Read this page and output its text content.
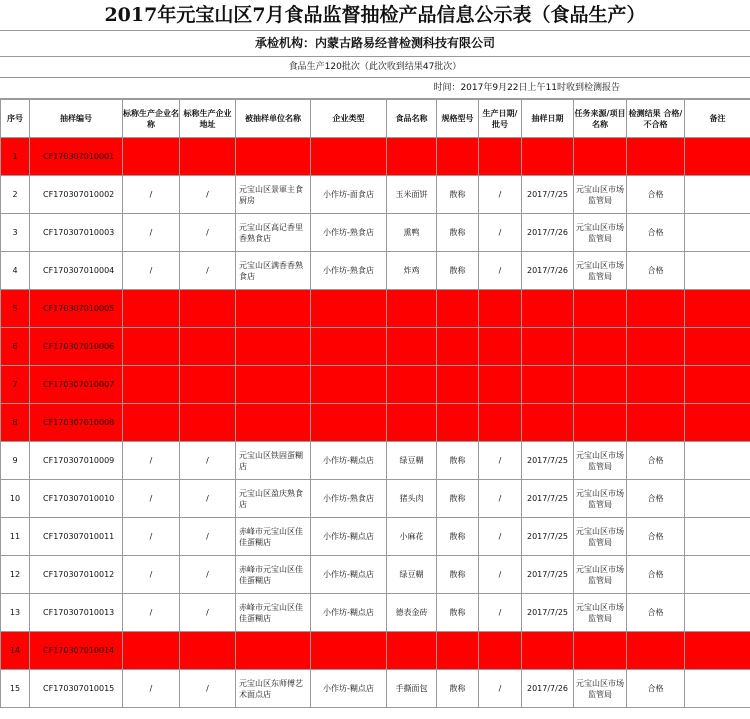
2017年元宝山区7月食品监督抽检产品信息公示表（食品生产）
承检机构：内蒙古路易经普检测科技有限公司
食品生产120批次（此次收到结果47批次）
时间：2017年9月22日上午11时收到检测报告
序号	抽样编号	标称生产企业名称	标称生产企业地址	被抽样单位名称	企业类型	食品名称	规格型号	生产日期/批号	抽样日期	任务来源/项目名称	检测结果 合格/不合格	备注
1	CF170307010001											
2	CF170307010002	/	/	元宝山区景軍主食厨房	小作坊-面食店	玉米面饼	散称	/	2017/7/25	元宝山区市场监管局	合格	
3	CF170307010003	/	/	元宝山区高记香里香熟食店	小作坊-熟食店	熏鸭	散称	/	2017/7/26	元宝山区市场监管局	合格	
4	CF170307010004	/	/	元宝山区满香香熟食店	小作坊-熟食店	炸鸡	散称	/	2017/7/26	元宝山区市场监管局	合格	
5	CF170307010005											
6	CF170307010006											
7	CF170307010007											
8	CF170307010008											
9	CF170307010009	/	/	元宝山区铁固蛋糊店	小作坊-糊点店	绿豆糊	散称	/	2017/7/25	元宝山区市场监管局	合格	
10	CF170307010010	/	/	元宝山区盈庆熟食店	小作坊-熟食店	猪头肉	散称	/	2017/7/25	元宝山区市场监管局	合格	
11	CF170307010011	/	/	赤峰市元宝山区佳佳蛋糊店	小作坊-糊点店	小麻花	散称	/	2017/7/25	元宝山区市场监管局	合格	
12	CF170307010012	/	/	赤峰市元宝山区佳佳蛋糊店	小作坊-糊点店	绿豆糊	散称	/	2017/7/25	元宝山区市场监管局	合格	
13	CF170307010013	/	/	赤峰市元宝山区佳佳蛋糊店	小作坊-糊点店	德表金砖	散称	/	2017/7/25	元宝山区市场监管局	合格	
14	CF170307010014											
15	CF170307010015	/	/	元宝山区东师傅艺术面点店	小作坊-糊点店	手撕面包	散称	/	2017/7/26	元宝山区市场监管局	合格	
